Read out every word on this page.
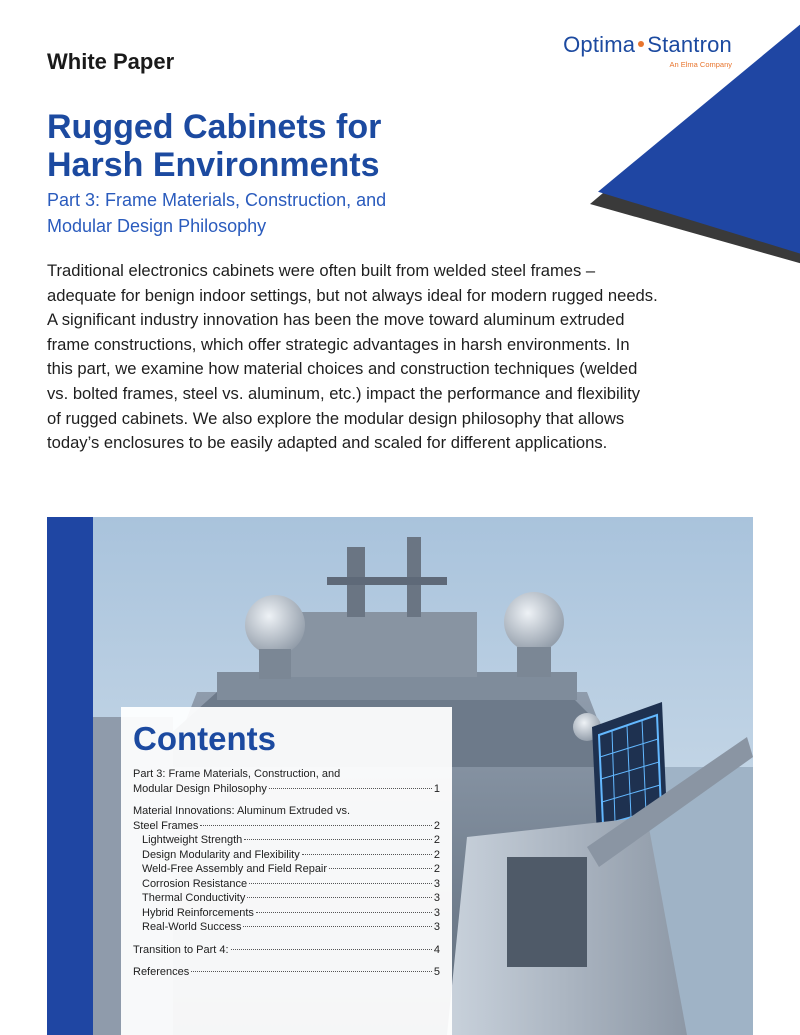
Optima Stantron
An Elma Company
White Paper
Rugged Cabinets for
Harsh Environments
Part 3: Frame Materials, Construction, and
Modular Design Philosophy
Traditional electronics cabinets were often built from welded steel frames –
adequate for benign indoor settings, but not always ideal for modern rugged needs.
A significant industry innovation has been the move toward aluminum extruded
frame constructions, which offer strategic advantages in harsh environments. In
this part, we examine how material choices and construction techniques (welded
vs. bolted frames, steel vs. aluminum, etc.) impact the performance and flexibility
of rugged cabinets. We also explore the modular design philosophy that allows
today’s enclosures to be easily adapted and scaled for different applications.
Contents
Part 3: Frame Materials, Construction, and
Modular Design Philosophy	1
Material Innovations: Aluminum Extruded vs.
Steel Frames	2
Lightweight Strength	2
Design Modularity and Flexibility	2
Weld-Free Assembly and Field Repair	2
Corrosion Resistance	3
Thermal Conductivity	3
Hybrid Reinforcements	3
Real-World Success	3
Transition to Part 4:	4
References	5
